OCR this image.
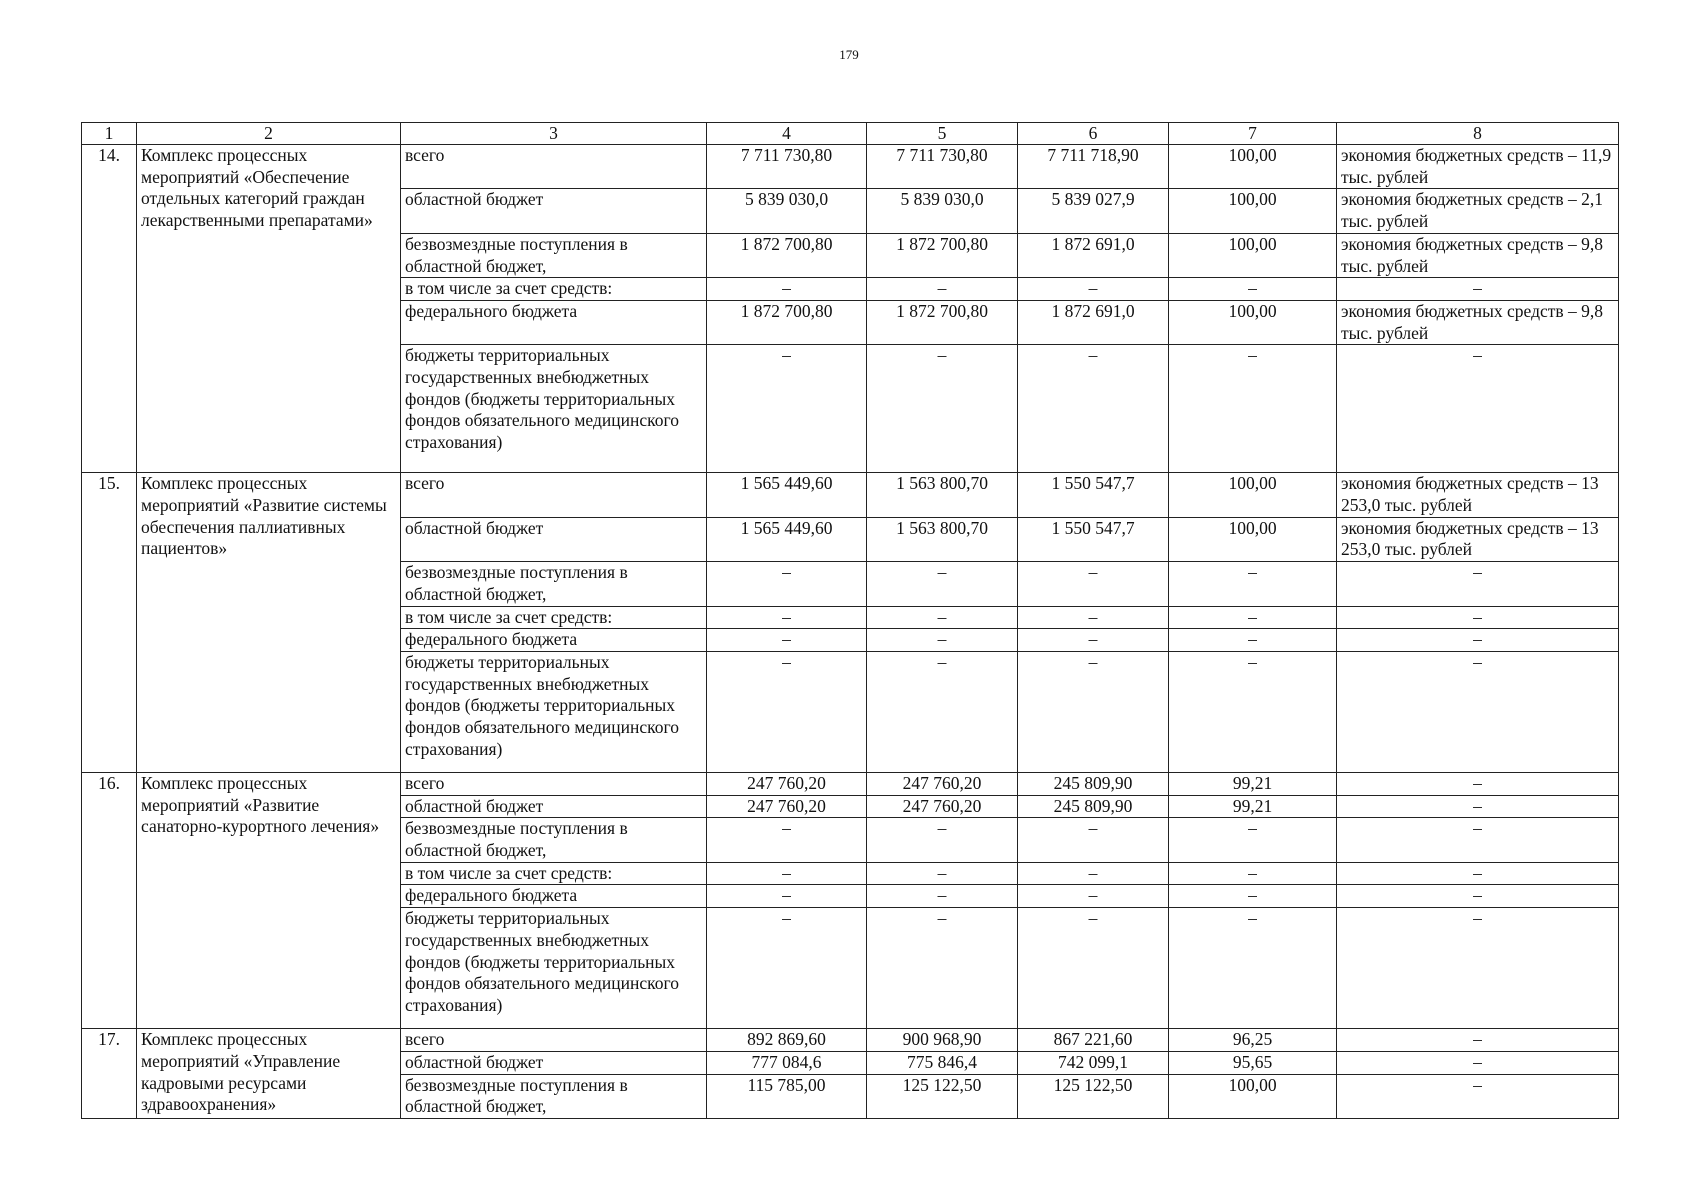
179
1	2	3	4	5	6	7	8
14.	Комплекс процессных мероприятий «Обеспечение отдельных категорий граждан лекарственными препаратами»	всего	7 711 730,80	7 711 730,80	7 711 718,90	100,00	экономия бюджетных средств – 11,9 тыс. рублей
		областной бюджет	5 839 030,0	5 839 030,0	5 839 027,9	100,00	экономия бюджетных средств – 2,1 тыс. рублей
		безвозмездные поступления в областной бюджет,	1 872 700,80	1 872 700,80	1 872 691,0	100,00	экономия бюджетных средств – 9,8 тыс. рублей
		в том числе за счет средств:	–	–	–	–	–
		федерального бюджета	1 872 700,80	1 872 700,80	1 872 691,0	100,00	экономия бюджетных средств – 9,8 тыс. рублей
		бюджеты территориальных государственных внебюджетных фондов (бюджеты территориальных фондов обязательного медицинского страхования)	–	–	–	–	–
15.	Комплекс процессных мероприятий «Развитие системы обеспечения паллиативных пациентов»	всего	1 565 449,60	1 563 800,70	1 550 547,7	100,00	экономия бюджетных средств – 13 253,0 тыс. рублей
		областной бюджет	1 565 449,60	1 563 800,70	1 550 547,7	100,00	экономия бюджетных средств – 13 253,0 тыс. рублей
		безвозмездные поступления в областной бюджет,	–	–	–	–	–
		в том числе за счет средств:	–	–	–	–	–
		федерального бюджета	–	–	–	–	–
		бюджеты территориальных государственных внебюджетных фондов (бюджеты территориальных фондов обязательного медицинского страхования)	–	–	–	–	–
16.	Комплекс процессных мероприятий «Развитие санаторно-курортного лечения»	всего	247 760,20	247 760,20	245 809,90	99,21	–
		областной бюджет	247 760,20	247 760,20	245 809,90	99,21	–
		безвозмездные поступления в областной бюджет,	–	–	–	–	–
		в том числе за счет средств:	–	–	–	–	–
		федерального бюджета	–	–	–	–	–
		бюджеты территориальных государственных внебюджетных фондов (бюджеты территориальных фондов обязательного медицинского страхования)	–	–	–	–	–
17.	Комплекс процессных мероприятий «Управление кадровыми ресурсами здравоохранения»	всего	892 869,60	900 968,90	867 221,60	96,25	–
		областной бюджет	777 084,6	775 846,4	742 099,1	95,65	–
		безвозмездные поступления в областной бюджет,	115 785,00	125 122,50	125 122,50	100,00	–
